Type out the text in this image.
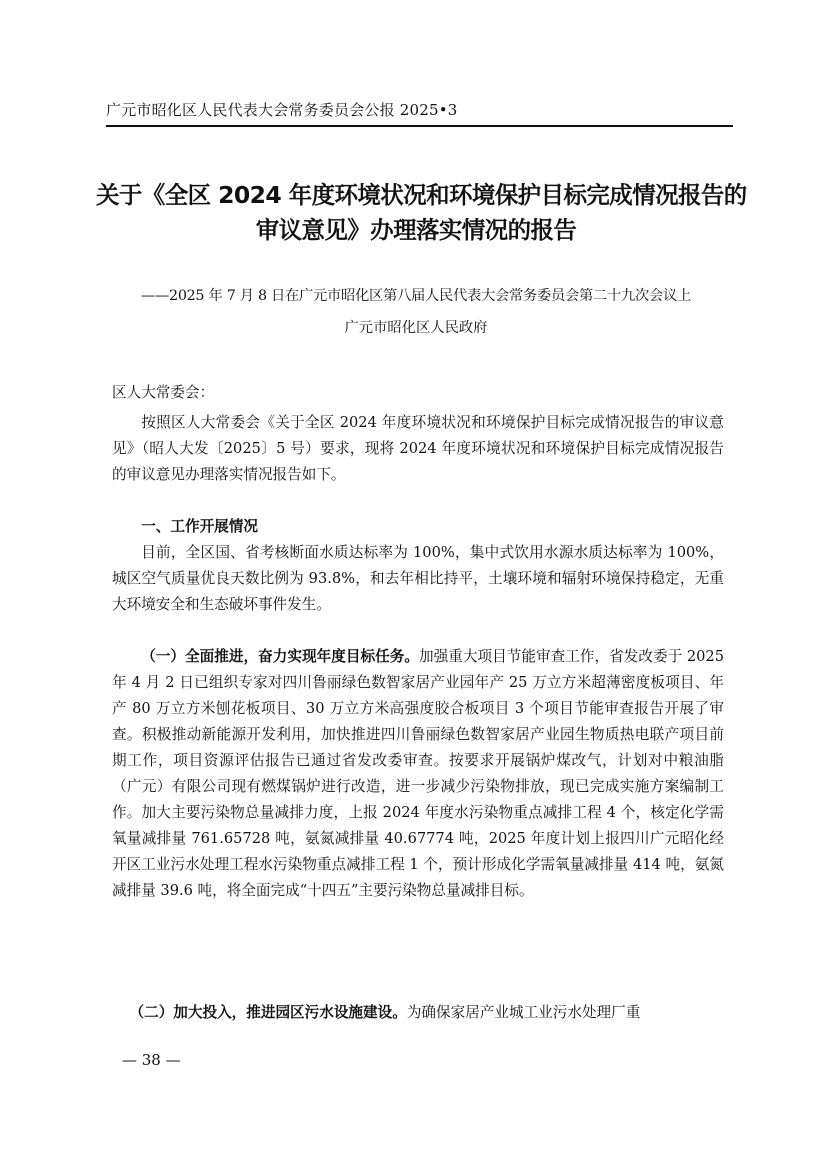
广元市昭化区人民代表大会常务委员会公报 2025•3
关于《全区 2024 年度环境状况和环境保护目标完成情况报告的
审议意见》办理落实情况的报告
——2025 年 7 月 8 日在广元市昭化区第八届人民代表大会常务委员会第二十九次会议上
广元市昭化区人民政府
区人大常委会：
按照区人大常委会《关于全区 2024 年度环境状况和环境保护目标完成情况报告的审议意见》（昭人大发〔2025〕5 号）要求，现将 2024 年度环境状况和环境保护目标完成情况报告的审议意见办理落实情况报告如下。
一、工作开展情况
目前，全区国、省考核断面水质达标率为 100%，集中式饮用水源水质达标率为 100%，城区空气质量优良天数比例为 93.8%，和去年相比持平，土壤环境和辐射环境保持稳定，无重大环境安全和生态破坏事件发生。
（一）全面推进，奋力实现年度目标任务。加强重大项目节能审查工作，省发改委于 2025 年 4 月 2 日已组织专家对四川鲁丽绿色数智家居产业园年产 25 万立方米超薄密度板项目、年产 80 万立方米刨花板项目、30 万立方米高强度胶合板项目 3 个项目节能审查报告开展了审查。积极推动新能源开发利用，加快推进四川鲁丽绿色数智家居产业园生物质热电联产项目前期工作，项目资源评估报告已通过省发改委审查。按要求开展锅炉煤改气，计划对中粮油脂（广元）有限公司现有燃煤锅炉进行改造，进一步减少污染物排放，现已完成实施方案编制工作。加大主要污染物总量减排力度，上报 2024 年度水污染物重点减排工程 4 个，核定化学需氧量减排量 761.65728 吨，氨氮减排量 40.67774 吨，2025 年度计划上报四川广元昭化经开区工业污水处理工程水污染物重点减排工程 1 个，预计形成化学需氧量减排量 414 吨，氨氮减排量 39.6 吨，将全面完成“十四五”主要污染物总量减排目标。
（二）加大投入，推进园区污水设施建设。为确保家居产业城工业污水处理厂重
— 38 —
